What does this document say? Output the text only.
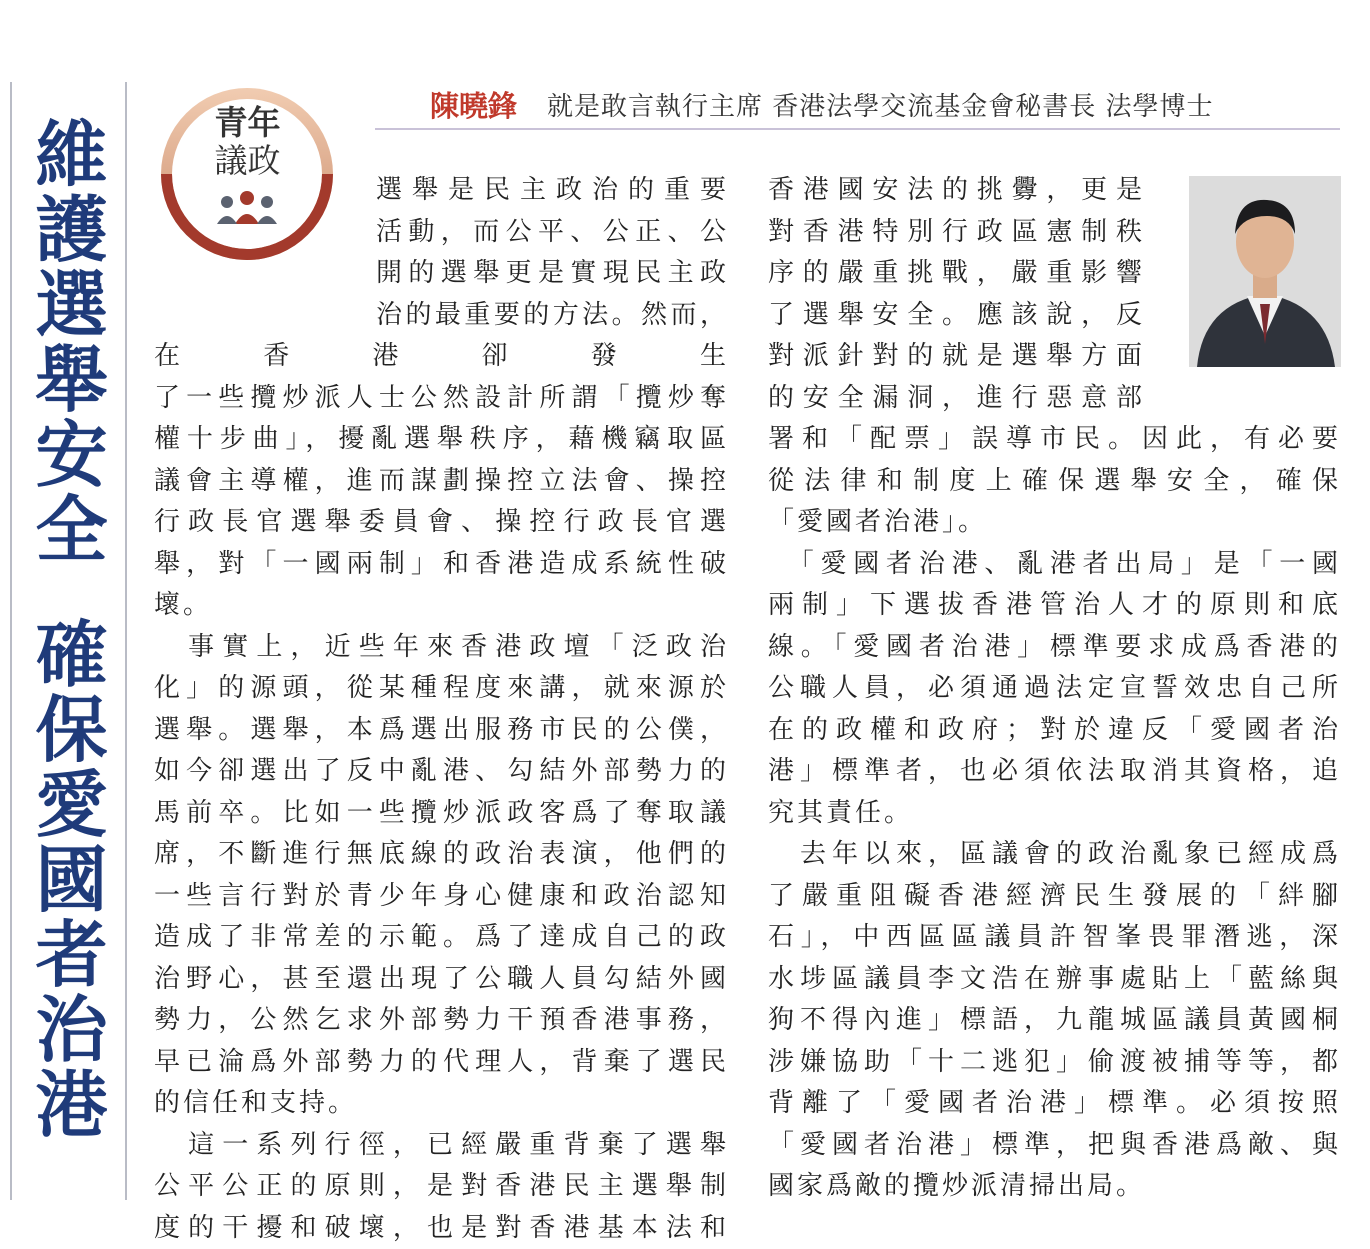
維
護
選
舉
安
全
確
保
愛
國
者
治
港
青年
議政
陳曉鋒 就是敢言執行主席 香港法學交流基金會秘書長 法學博士

選舉是民主政治的重要

活動，而公平、公正、公

開的選舉更是實現民主政

治的最重要的方法。然而，在香港卻發生

了一些攬炒派人士公然設計所謂「攬炒奪

權十步曲」，擾亂選舉秩序，藉機竊取區

議會主導權，進而謀劃操控立法會、操控

行政長官選舉委員會、操控行政長官選

舉，對「一國兩制」和香港造成系統性破

壞。

　事實上，近些年來香港政壇「泛政治

化」的源頭，從某種程度來講，就來源於

選舉。選舉，本爲選出服務市民的公僕，

如今卻選出了反中亂港、勾結外部勢力的

馬前卒。比如一些攬炒派政客爲了奪取議

席，不斷進行無底線的政治表演，他們的

一些言行對於青少年身心健康和政治認知

造成了非常差的示範。爲了達成自己的政

治野心，甚至還出現了公職人員勾結外國

勢力，公然乞求外部勢力干預香港事務，

早已淪爲外部勢力的代理人，背棄了選民

的信任和支持。

　這一系列行徑，已經嚴重背棄了選舉

公平公正的原則，是對香港民主選舉制

度的干擾和破壞，也是對香港基本法和

香港國安法的挑釁，更是

對香港特別行政區憲制秩

序的嚴重挑戰，嚴重影響

了選舉安全。應該說，反

對派針對的就是選舉方面

的安全漏洞，進行惡意部

署和「配票」誤導市民。因此，有必要

從法律和制度上確保選舉安全，確保

「愛國者治港」。

　「愛國者治港、亂港者出局」是「一國

兩制」下選拔香港管治人才的原則和底

線。「愛國者治港」標準要求成爲香港的

公職人員，必須通過法定宣誓效忠自己所

在的政權和政府；對於違反「愛國者治

港」標準者，也必須依法取消其資格，追

究其責任。

　去年以來，區議會的政治亂象已經成爲

了嚴重阻礙香港經濟民生發展的「絆腳

石」，中西區區議員許智峯畏罪潛逃，深

水埗區議員李文浩在辦事處貼上「藍絲與

狗不得內進」標語，九龍城區議員黃國桐

涉嫌協助「十二逃犯」偷渡被捕等等，都

背離了「愛國者治港」標準。必須按照

「愛國者治港」標準，把與香港爲敵、與

國家爲敵的攬炒派清掃出局。
